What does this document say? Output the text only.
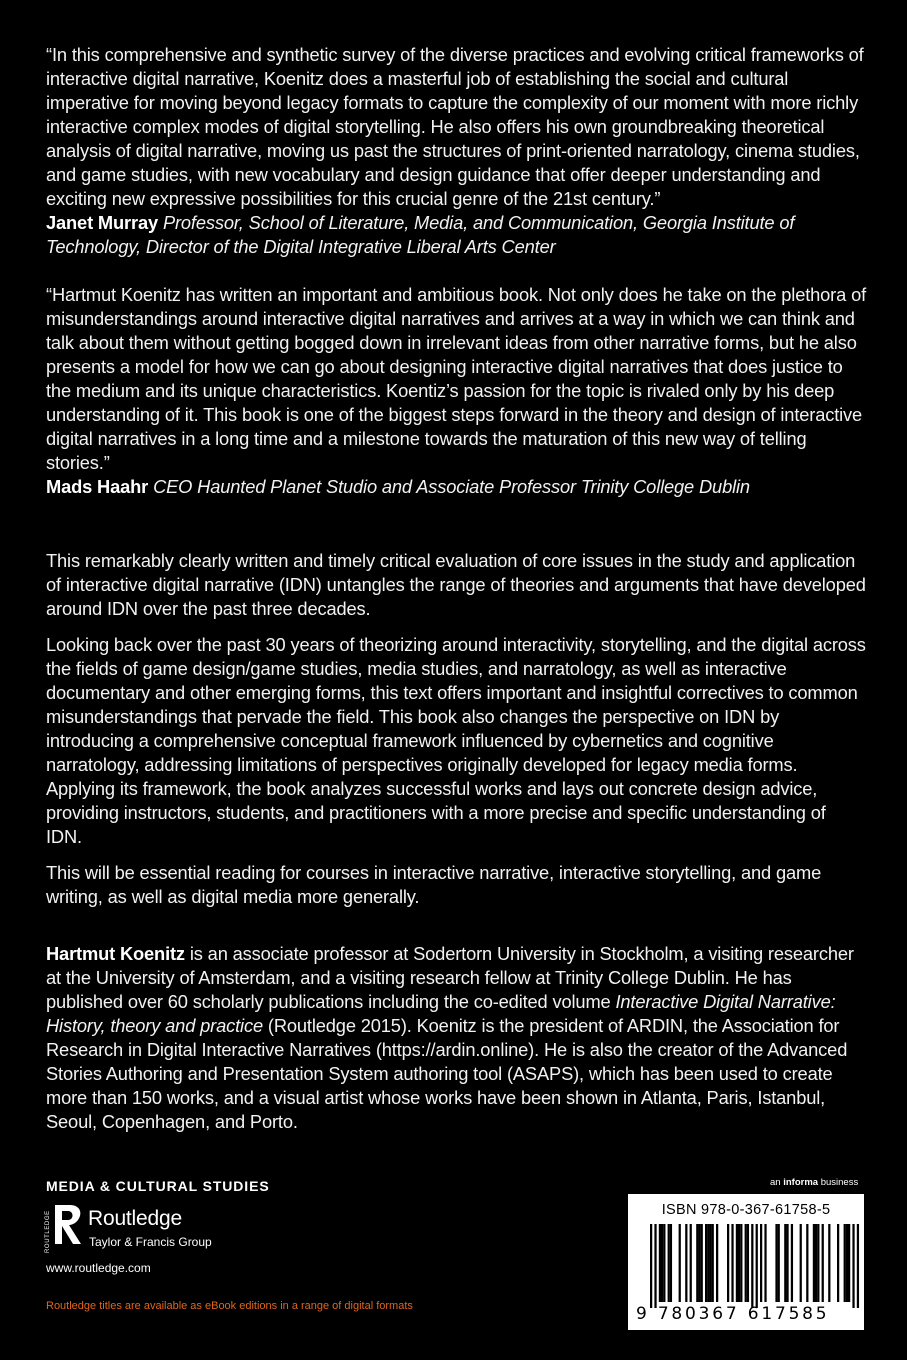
“In this comprehensive and synthetic survey of the diverse practices and evolving critical frameworks of interactive digital narrative, Koenitz does a masterful job of establishing the social and cultural imperative for moving beyond legacy formats to capture the complexity of our moment with more richly interactive complex modes of digital storytelling. He also offers his own groundbreaking theoretical analysis of digital narrative, moving us past the structures of print-oriented narratology, cinema studies, and game studies, with new vocabulary and design guidance that offer deeper understanding and exciting new expressive possibilities for this crucial genre of the 21st century.”

Janet Murray Professor, School of Literature, Media, and Communication, Georgia Institute of Technology, Director of the Digital Integrative Liberal Arts Center

“Hartmut Koenitz has written an important and ambitious book. Not only does he take on the plethora of misunderstandings around interactive digital narratives and arrives at a way in which we can think and talk about them without getting bogged down in irrelevant ideas from other narrative forms, but he also presents a model for how we can go about designing interactive digital narratives that does justice to the medium and its unique characteristics. Koentiz’s passion for the topic is rivaled only by his deep understanding of it. This book is one of the biggest steps forward in the theory and design of interactive digital narratives in a long time and a milestone towards the maturation of this new way of telling stories.”

Mads Haahr CEO Haunted Planet Studio and Associate Professor Trinity College Dublin

This remarkably clearly written and timely critical evaluation of core issues in the study and application of interactive digital narrative (IDN) untangles the range of theories and arguments that have developed around IDN over the past three decades.

Looking back over the past 30 years of theorizing around interactivity, storytelling, and the digital across the fields of game design/game studies, media studies, and narratology, as well as interactive documentary and other emerging forms, this text offers important and insightful correctives to common misunderstandings that pervade the field. This book also changes the perspective on IDN by introducing a comprehensive conceptual framework influenced by cybernetics and cognitive narratology, addressing limitations of perspectives originally developed for legacy media forms. Applying its framework, the book analyzes successful works and lays out concrete design advice, providing instructors, students, and practitioners with a more precise and specific understanding of IDN.

This will be essential reading for courses in interactive narrative, interactive storytelling, and game writing, as well as digital media more generally.

Hartmut Koenitz is an associate professor at Sodertorn University in Stockholm, a visiting researcher at the University of Amsterdam, and a visiting research fellow at Trinity College Dublin. He has published over 60 scholarly publications including the co-edited volume Interactive Digital Narrative: History, theory and practice (Routledge 2015). Koenitz is the president of ARDIN, the Association for Research in Digital Interactive Narratives (https://ardin.online). He is also the creator of the Advanced Stories Authoring and Presentation System authoring tool (ASAPS), which has been used to create more than 150 works, and a visual artist whose works have been shown in Atlanta, Paris, Istanbul, Seoul, Copenhagen, and Porto.
MEDIA & CULTURAL STUDIES
ROUTLEDGE Routledge
Taylor & Francis Group
www.routledge.com
Routledge titles are available as eBook editions in a range of digital formats
an informa business
ISBN 978-0-367-61758-5
9 780367 617585
